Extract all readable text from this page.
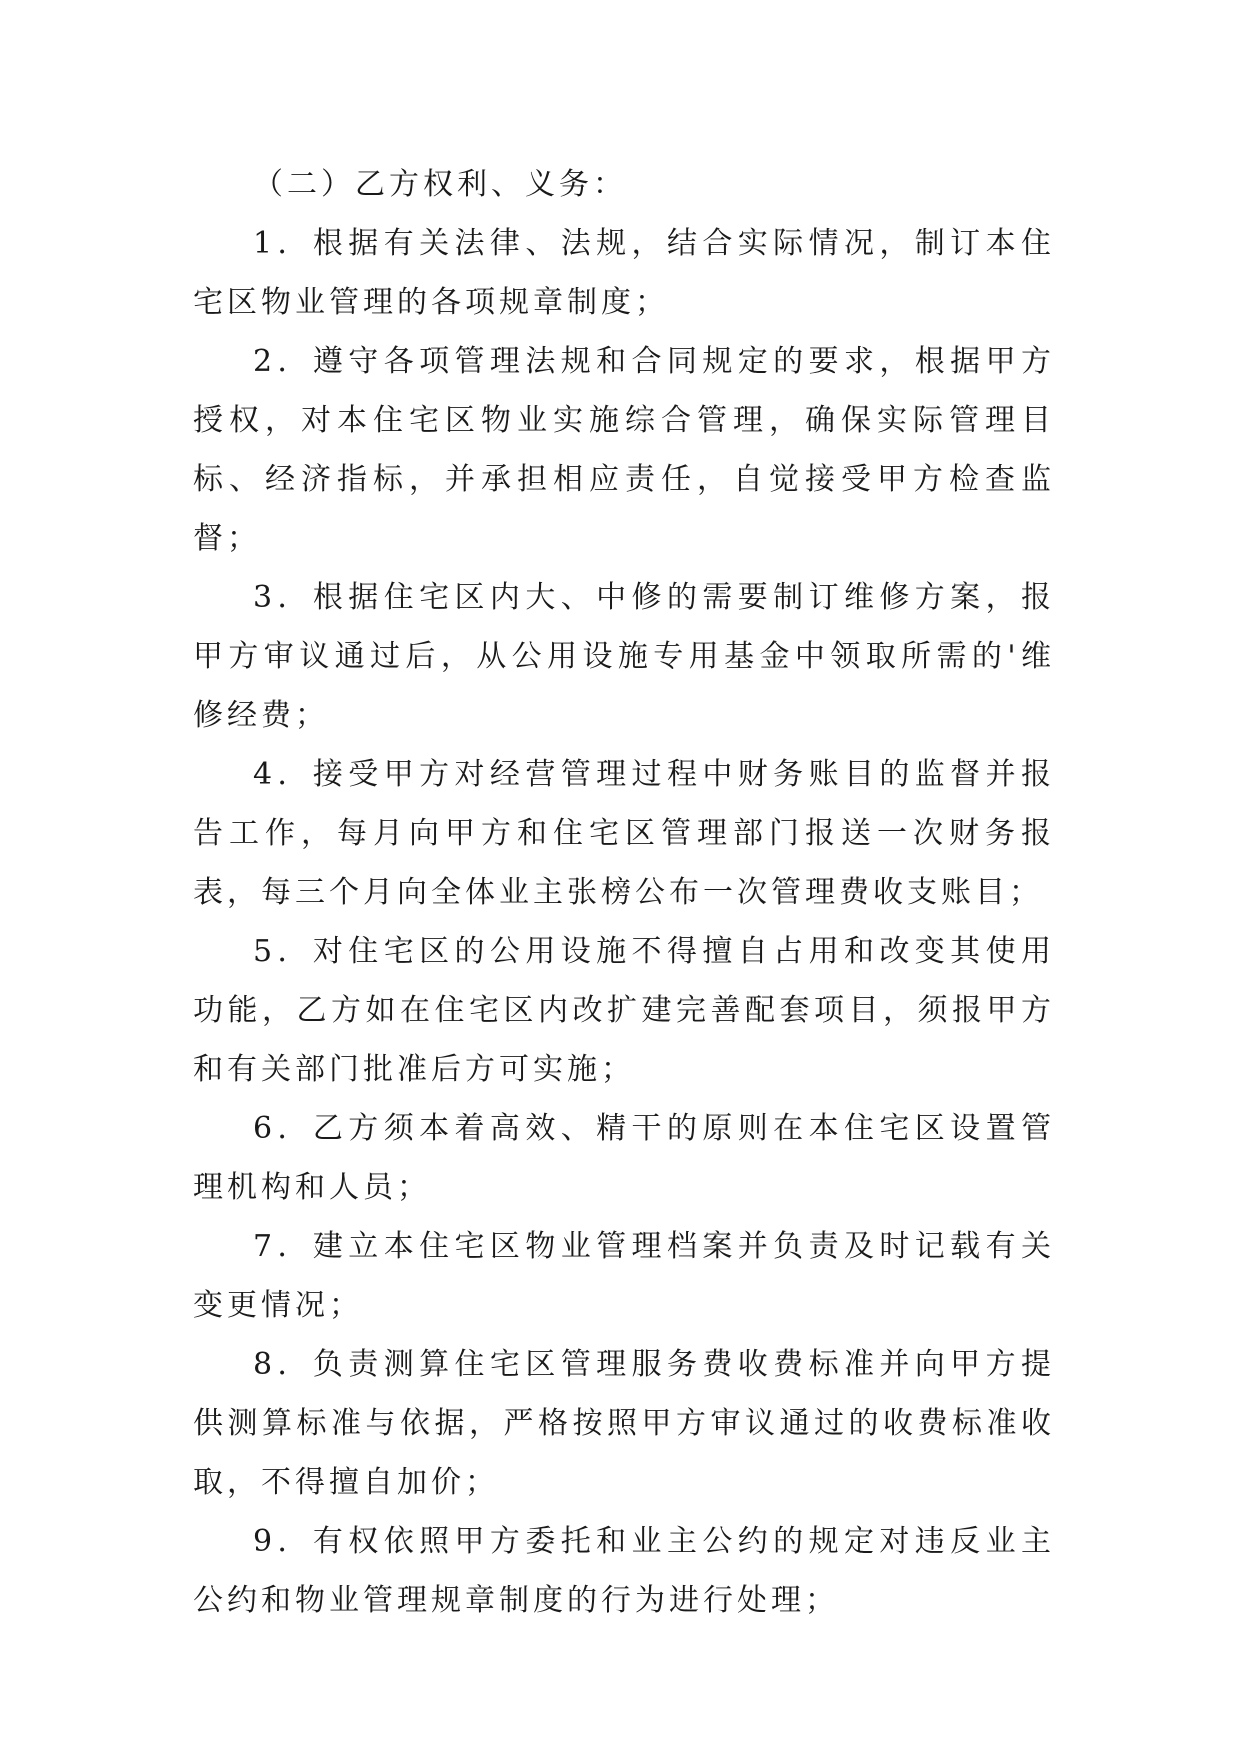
（二）乙方权利、义务：

1．根据有关法律、法规，结合实际情况，制订本住宅区物业管理的各项规章制度；

2．遵守各项管理法规和合同规定的要求，根据甲方授权，对本住宅区物业实施综合管理，确保实际管理目标、经济指标，并承担相应责任，自觉接受甲方检查监督；

3．根据住宅区内大、中修的需要制订维修方案，报甲方审议通过后，从公用设施专用基金中领取所需的'维修经费；

4．接受甲方对经营管理过程中财务账目的监督并报告工作，每月向甲方和住宅区管理部门报送一次财务报表，每三个月向全体业主张榜公布一次管理费收支账目；

5．对住宅区的公用设施不得擅自占用和改变其使用功能，乙方如在住宅区内改扩建完善配套项目，须报甲方和有关部门批准后方可实施；

6．乙方须本着高效、精干的原则在本住宅区设置管理机构和人员；

7．建立本住宅区物业管理档案并负责及时记载有关变更情况；

8．负责测算住宅区管理服务费收费标准并向甲方提供测算标准与依据，严格按照甲方审议通过的收费标准收取，不得擅自加价；

9．有权依照甲方委托和业主公约的规定对违反业主公约和物业管理规章制度的行为进行处理；
